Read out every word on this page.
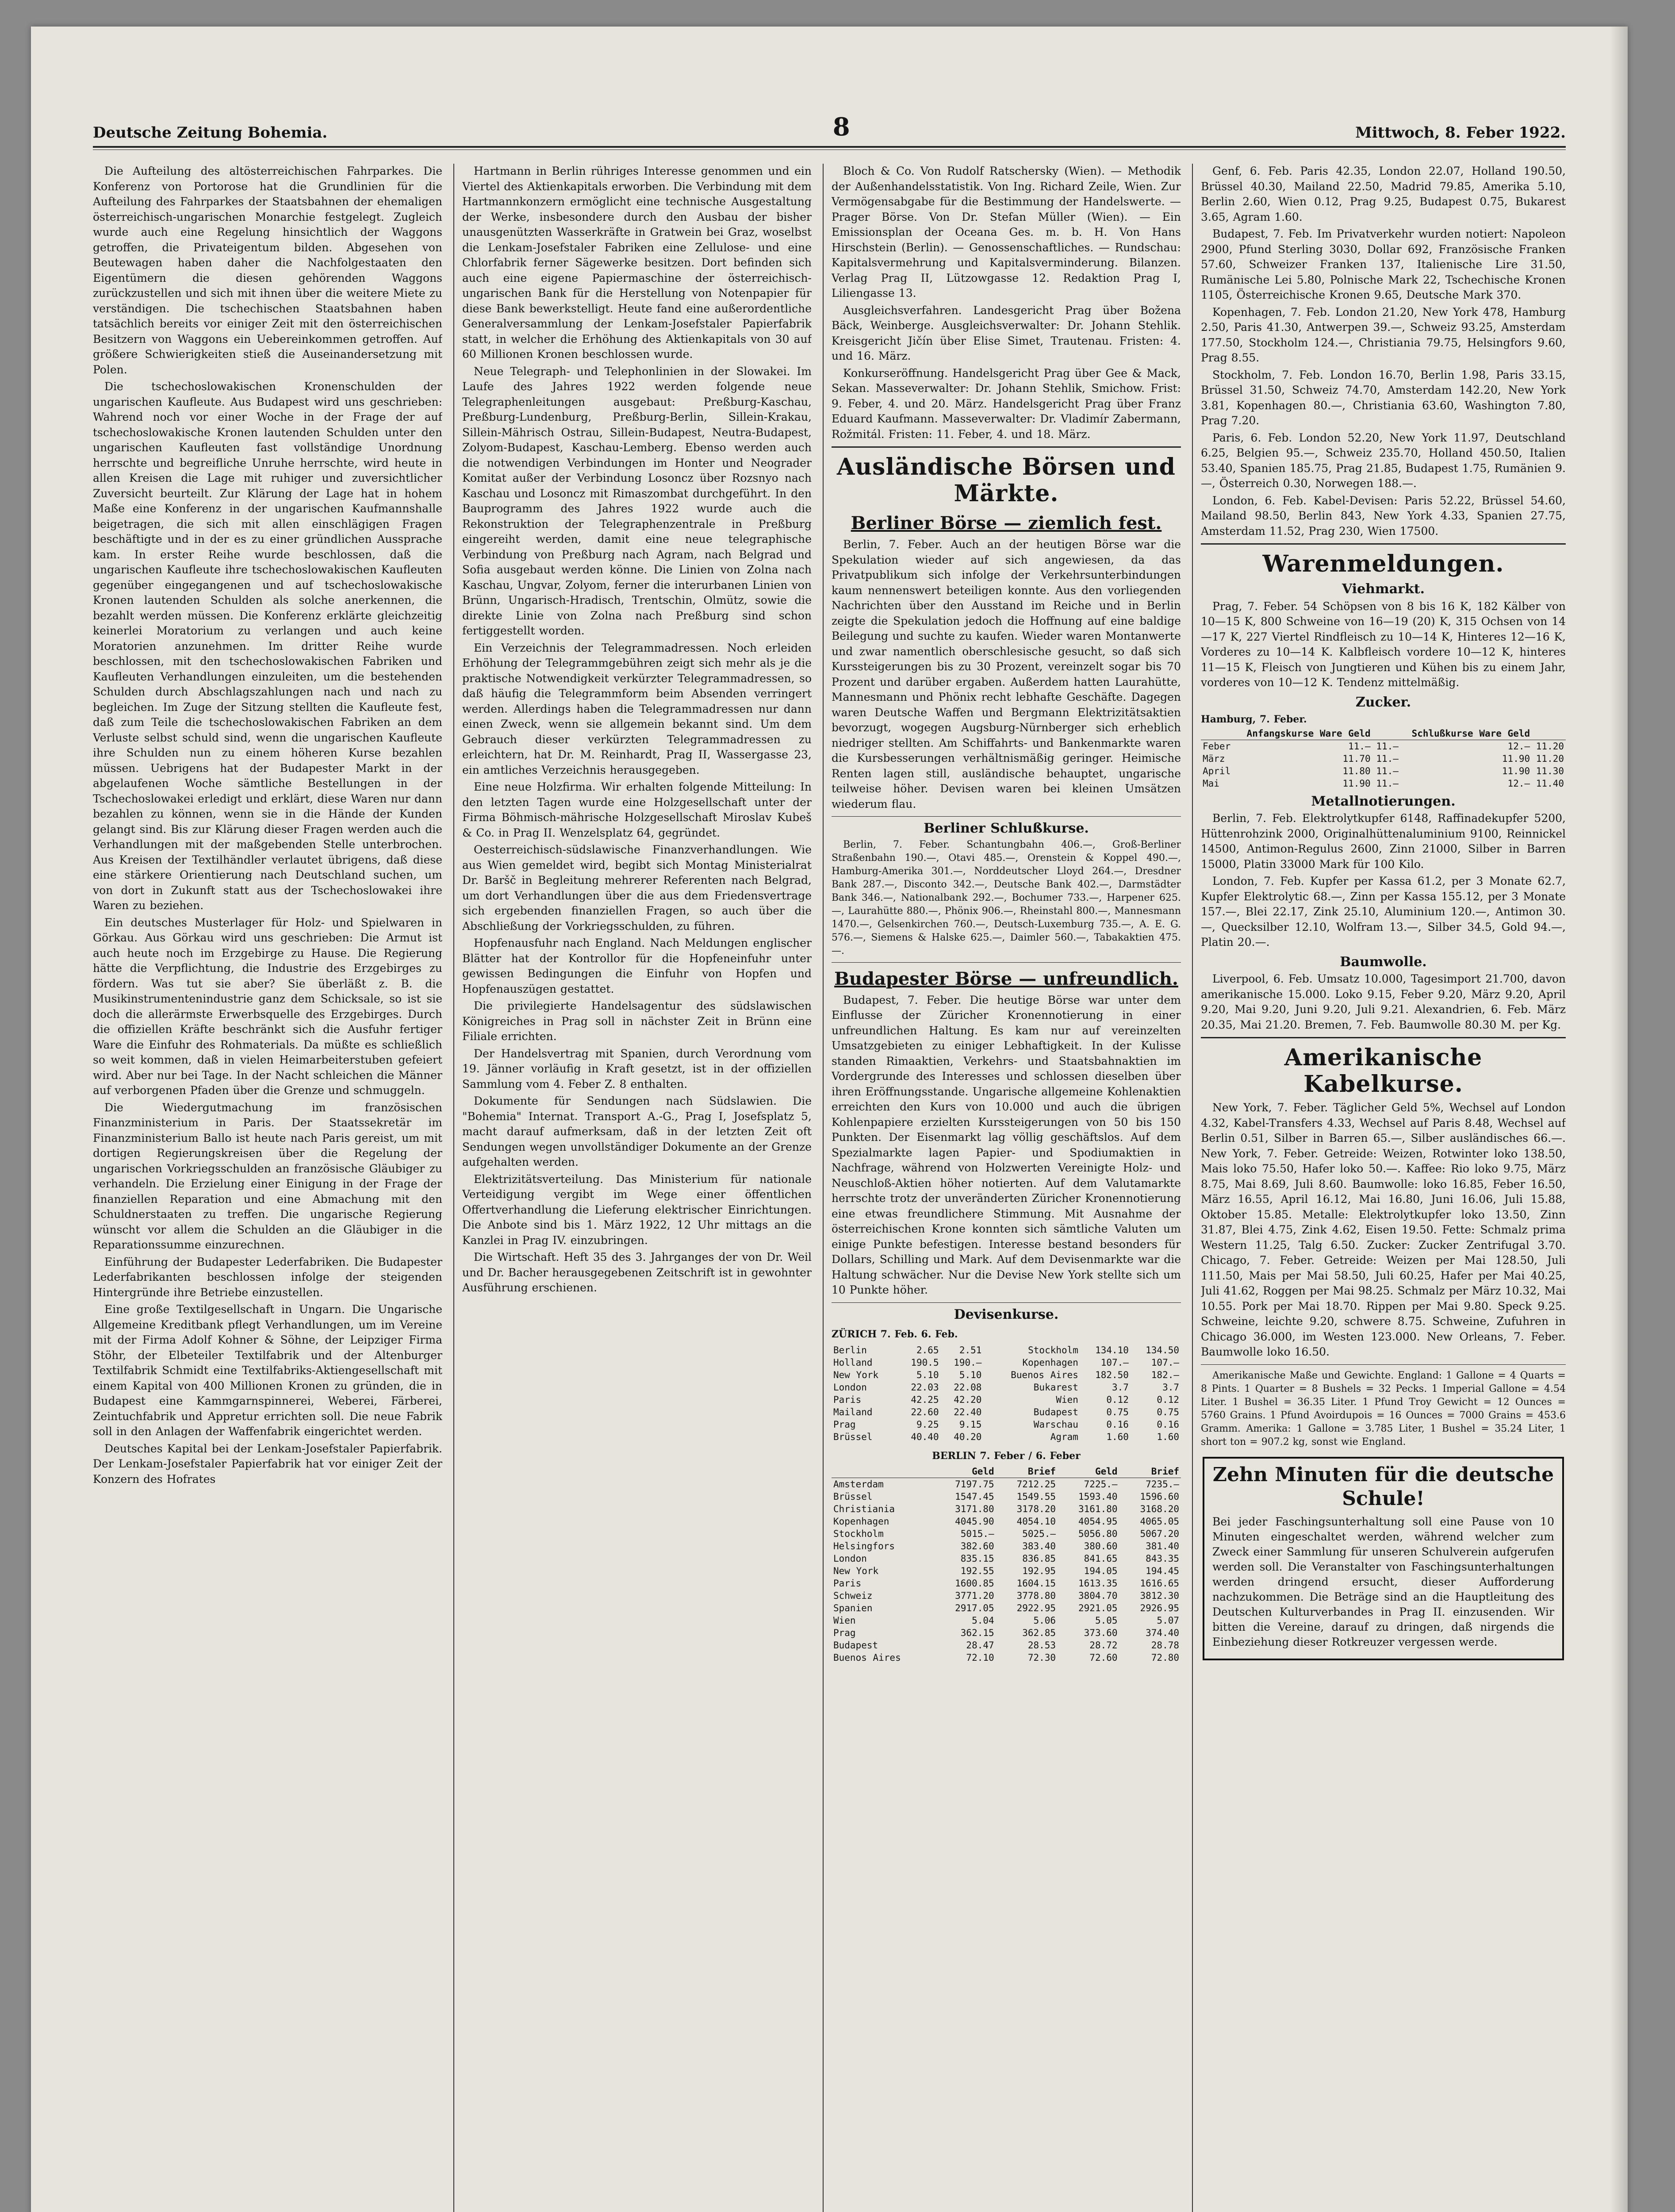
Deutsche Zeitung Bohemia.	8	Mittwoch, 8. Feber 1922.

Die Aufteilung des altösterreichischen Fahrparkes. Die Konferenz von Portorose hat die Grundlinien für die Aufteilung des Fahrparkes der Staatsbahnen der ehemaligen österreichisch-ungarischen Monarchie festgelegt. Zugleich wurde auch eine Regelung hinsichtlich der Waggons getroffen, die Privateigentum bilden. Abgesehen von Beutewagen haben daher die Nachfolgestaaten den Eigentümern die diesen gehörenden Waggons zurückzustellen und sich mit ihnen über die weitere Miete zu verständigen. Die tschechischen Staatsbahnen haben tatsächlich bereits vor einiger Zeit mit den österreichischen Besitzern von Waggons ein Uebereinkommen getroffen. Auf größere Schwierigkeiten stieß die Auseinandersetzung mit Polen.

Die tschechoslowakischen Kronenschulden der ungarischen Kaufleute. Aus Budapest wird uns geschrieben: Wahrend noch vor einer Woche in der Frage der auf tschechoslowakische Kronen lautenden Schulden unter den ungarischen Kaufleuten fast vollständige Unordnung herrschte und begreifliche Unruhe herrschte, wird heute in allen Kreisen die Lage mit ruhiger und zuversichtlicher Zuversicht beurteilt. Zur Klärung der Lage hat in hohem Maße eine Konferenz in der ungarischen Kaufmannshalle beigetragen, die sich mit allen einschlägigen Fragen beschäftigte und in der es zu einer gründlichen Aussprache kam. In erster Reihe wurde beschlossen, daß die ungarischen Kaufleute ihre tschechoslowakischen Kaufleuten gegenüber eingegangenen und auf tschechoslowakische Kronen lautenden Schulden als solche anerkennen, die bezahlt werden müssen. Die Konferenz erklärte gleichzeitig keinerlei Moratorium zu verlangen und auch keine Moratorien anzunehmen. Im dritter Reihe wurde beschlossen, mit den tschechoslowakischen Fabriken und Kaufleuten Verhandlungen einzuleiten, um die bestehenden Schulden durch Abschlagszahlungen nach und nach zu begleichen. Im Zuge der Sitzung stellten die Kaufleute fest, daß zum Teile die tschechoslowakischen Fabriken an dem Verluste selbst schuld sind, wenn die ungarischen Kaufleute ihre Schulden nun zu einem höheren Kurse bezahlen müssen. Uebrigens hat der Budapester Markt in der abgelaufenen Woche sämtliche Bestellungen in der Tschechoslowakei erledigt und erklärt, diese Waren nur dann bezahlen zu können, wenn sie in die Hände der Kunden gelangt sind. Bis zur Klärung dieser Fragen werden auch die Verhandlungen mit der maßgebenden Stelle unterbrochen. Aus Kreisen der Textilhändler verlautet übrigens, daß diese eine stärkere Orientierung nach Deutschland suchen, um von dort in Zukunft statt aus der Tschechoslowakei ihre Waren zu beziehen.

Ein deutsches Musterlager für Holz- und Spielwaren in Görkau. Aus Görkau wird uns geschrieben: Die Armut ist auch heute noch im Erzgebirge zu Hause. Die Regierung hätte die Verpflichtung, die Industrie des Erzgebirges zu fördern. Was tut sie aber? Sie überläßt z. B. die Musikinstrumentenindustrie ganz dem Schicksale, so ist sie doch die allerärmste Erwerbsquelle des Erzgebirges. Durch die offiziellen Kräfte beschränkt sich die Ausfuhr fertiger Ware die Einfuhr des Rohmaterials. Da müßte es schließlich so weit kommen, daß in vielen Heimarbeiterstuben gefeiert wird. Aber nur bei Tage. In der Nacht schleichen die Männer auf verborgenen Pfaden über die Grenze und schmuggeln.

Die Wiedergutmachung im französischen Finanzministerium in Paris. Der Staatssekretär im Finanzministerium Ballo ist heute nach Paris gereist, um mit dortigen Regierungskreisen über die Regelung der ungarischen Vorkriegsschulden an französische Gläubiger zu verhandeln. Die Erzielung einer Einigung in der Frage der finanziellen Reparation und eine Abmachung mit den Schuldnerstaaten zu treffen. Die ungarische Regierung wünscht vor allem die Schulden an die Gläubiger in die Reparationssumme einzurechnen.

Einführung der Budapester Lederfabriken. Die Budapester Lederfabrikanten beschlossen infolge der steigenden Hintergründe ihre Betriebe einzustellen.

Eine große Textilgesellschaft in Ungarn. Die Ungarische Allgemeine Kreditbank pflegt Verhandlungen, um im Vereine mit der Firma Adolf Kohner & Söhne, der Leipziger Firma Stöhr, der Elbeteiler Textilfabrik und der Altenburger Textilfabrik Schmidt eine Textilfabriks-Aktiengesellschaft mit einem Kapital von 400 Millionen Kronen zu gründen, die in Budapest eine Kammgarnspinnerei, Weberei, Färberei, Zeintuchfabrik und Appretur errichten soll. Die neue Fabrik soll in den Anlagen der Waffenfabrik eingerichtet werden.

Deutsches Kapital bei der Lenkam-Josefstaler Papierfabrik. Der Lenkam-Josefstaler Papierfabrik hat vor einiger Zeit der Konzern des Hofrates

Hartmann in Berlin rühriges Interesse genommen und ein Viertel des Aktienkapitals erworben. Die Verbindung mit dem Hartmannkonzern ermöglicht eine technische Ausgestaltung der Werke, insbesondere durch den Ausbau der bisher unausgenützten Wasserkräfte in Gratwein bei Graz, woselbst die Lenkam-Josefstaler Fabriken eine Zellulose- und eine Chlorfabrik ferner Sägewerke besitzen. Dort befinden sich auch eine eigene Papiermaschine der österreichisch-ungarischen Bank für die Herstellung von Notenpapier für diese Bank bewerkstelligt. Heute fand eine außerordentliche Generalversammlung der Lenkam-Josefstaler Papierfabrik statt, in welcher die Erhöhung des Aktienkapitals von 30 auf 60 Millionen Kronen beschlossen wurde.

Neue Telegraph- und Telephonlinien in der Slowakei. Im Laufe des Jahres 1922 werden folgende neue Telegraphenleitungen ausgebaut: Preßburg-Kaschau, Preßburg-Lundenburg, Preßburg-Berlin, Sillein-Krakau, Sillein-Mährisch Ostrau, Sillein-Budapest, Neutra-Budapest, Zolyom-Budapest, Kaschau-Lemberg. Ebenso werden auch die notwendigen Verbindungen im Honter und Neograder Komitat außer der Verbindung Losoncz über Rozsnyo nach Kaschau und Losoncz mit Rimaszombat durchgeführt. In den Bauprogramm des Jahres 1922 wurde auch die Rekonstruktion der Telegraphenzentrale in Preßburg eingereiht werden, damit eine neue telegraphische Verbindung von Preßburg nach Agram, nach Belgrad und Sofia ausgebaut werden könne. Die Linien von Zolna nach Kaschau, Ungvar, Zolyom, ferner die interurbanen Linien von Brünn, Ungarisch-Hradisch, Trentschin, Olmütz, sowie die direkte Linie von Zolna nach Preßburg sind schon fertiggestellt worden.

Ein Verzeichnis der Telegrammadressen. Noch erleiden Erhöhung der Telegrammgebühren zeigt sich mehr als je die praktische Notwendigkeit verkürzter Telegrammadressen, so daß häufig die Telegrammform beim Absenden verringert werden. Allerdings haben die Telegrammadressen nur dann einen Zweck, wenn sie allgemein bekannt sind. Um dem Gebrauch dieser verkürzten Telegrammadressen zu erleichtern, hat Dr. M. Reinhardt, Prag II, Wassergasse 23, ein amtliches Verzeichnis herausgegeben.

Eine neue Holzfirma. Wir erhalten folgende Mitteilung: In den letzten Tagen wurde eine Holzgesellschaft unter der Firma Böhmisch-mährische Holzgesellschaft Miroslav Kubeš & Co. in Prag II. Wenzelsplatz 64, gegründet.

Oesterreichisch-südslawische Finanzverhandlungen. Wie aus Wien gemeldet wird, begibt sich Montag Ministerialrat Dr. Baršč in Begleitung mehrerer Referenten nach Belgrad, um dort Verhandlungen über die aus dem Friedensvertrage sich ergebenden finanziellen Fragen, so auch über die Abschließung der Vorkriegsschulden, zu führen.

Hopfenausfuhr nach England. Nach Meldungen englischer Blätter hat der Kontrollor für die Hopfeneinfuhr unter gewissen Bedingungen die Einfuhr von Hopfen und Hopfenauszügen gestattet.

Die privilegierte Handelsagentur des südslawischen Königreiches in Prag soll in nächster Zeit in Brünn eine Filiale errichten.

Der Handelsvertrag mit Spanien, durch Verordnung vom 19. Jänner vorläufig in Kraft gesetzt, ist in der offiziellen Sammlung vom 4. Feber Z. 8 enthalten.

Dokumente für Sendungen nach Südslawien. Die "Bohemia" Internat. Transport A.-G., Prag I, Josefsplatz 5, macht darauf aufmerksam, daß in der letzten Zeit oft Sendungen wegen unvollständiger Dokumente an der Grenze aufgehalten werden.

Elektrizitätsverteilung. Das Ministerium für nationale Verteidigung vergibt im Wege einer öffentlichen Offertverhandlung die Lieferung elektrischer Einrichtungen. Die Anbote sind bis 1. März 1922, 12 Uhr mittags an die Kanzlei in Prag IV. einzubringen.

Die Wirtschaft. Heft 35 des 3. Jahrganges der von Dr. Weil und Dr. Bacher herausgegebenen Zeitschrift ist in gewohnter Ausführung erschienen.

Bloch & Co. Von Rudolf Ratschersky (Wien). — Methodik der Außenhandelsstatistik. Von Ing. Richard Zeile, Wien. Zur Vermögensabgabe für die Bestimmung der Handelswerte. — Prager Börse. Von Dr. Stefan Müller (Wien). — Ein Emissionsplan der Oceana Ges. m. b. H. Von Hans Hirschstein (Berlin). — Genossenschaftliches. — Rundschau: Kapitalsvermehrung und Kapitalsverminderung. Bilanzen. Verlag Prag II, Lützowgasse 12. Redaktion Prag I, Liliengasse 13.

Ausgleichsverfahren. Landesgericht Prag über Božena Bäck, Weinberge. Ausgleichsverwalter: Dr. Johann Stehlik. Kreisgericht Jičín über Elise Simet, Trautenau. Fristen: 4. und 16. März.

Konkurseröffnung. Handelsgericht Prag über Gee & Mack, Sekan. Masseverwalter: Dr. Johann Stehlik, Smichow. Frist: 9. Feber, 4. und 20. März. Handelsgericht Prag über Franz Eduard Kaufmann. Masseverwalter: Dr. Vladimír Zabermann, Rožmitál. Fristen: 11. Feber, 4. und 18. März.

Ausländische Börsen und Märkte.
Berliner Börse — ziemlich fest.

Berlin, 7. Feber. Auch an der heutigen Börse war die Spekulation wieder auf sich angewiesen, da das Privatpublikum sich infolge der Verkehrsunterbindungen kaum nennenswert beteiligen konnte. Aus den vorliegenden Nachrichten über den Ausstand im Reiche und in Berlin zeigte die Spekulation jedoch die Hoffnung auf eine baldige Beilegung und suchte zu kaufen. Wieder waren Montanwerte und zwar namentlich oberschlesische gesucht, so daß sich Kurssteigerungen bis zu 30 Prozent, vereinzelt sogar bis 70 Prozent und darüber ergaben. Außerdem hatten Laurahütte, Mannesmann und Phönix recht lebhafte Geschäfte. Dagegen waren Deutsche Waffen und Bergmann Elektrizitätsaktien bevorzugt, wogegen Augsburg-Nürnberger sich erheblich niedriger stellten. Am Schiffahrts- und Bankenmarkte waren die Kursbesserungen verhältnismäßig geringer. Heimische Renten lagen still, ausländische behauptet, ungarische teilweise höher. Devisen waren bei kleinen Umsätzen wiederum flau.

Berliner Schlußkurse.

Berlin, 7. Feber. Schantungbahn 406.—, Groß-Berliner Straßenbahn 190.—, Otavi 485.—, Orenstein & Koppel 490.—, Hamburg-Amerika 301.—, Norddeutscher Lloyd 264.—, Dresdner Bank 287.—, Disconto 342.—, Deutsche Bank 402.—, Darmstädter Bank 346.—, Nationalbank 292.—, Bochumer 733.—, Harpener 625.—, Laurahütte 880.—, Phönix 906.—, Rheinstahl 800.—, Mannesmann 1470.—, Gelsenkirchen 760.—, Deutsch-Luxemburg 735.—, A. E. G. 576.—, Siemens & Halske 625.—, Daimler 560.—, Tabakaktien 475.—.

Budapester Börse — unfreundlich.

Budapest, 7. Feber. Die heutige Börse war unter dem Einflusse der Züricher Kronennotierung in einer unfreundlichen Haltung. Es kam nur auf vereinzelten Umsatzgebieten zu einiger Lebhaftigkeit. In der Kulisse standen Rimaaktien, Verkehrs- und Staatsbahnaktien im Vordergrunde des Interesses und schlossen dieselben über ihren Eröffnungsstande. Ungarische allgemeine Kohlenaktien erreichten den Kurs von 10.000 und auch die übrigen Kohlenpapiere erzielten Kurssteigerungen von 50 bis 150 Punkten. Der Eisenmarkt lag völlig geschäftslos. Auf dem Spezialmarkte lagen Papier- und Spodiumaktien in Nachfrage, während von Holzwerten Vereinigte Holz- und Neuschloß-Aktien höher notierten. Auf dem Valutamarkte herrschte trotz der unveränderten Züricher Kronennotierung eine etwas freundlichere Stimmung. Mit Ausnahme der österreichischen Krone konnten sich sämtliche Valuten um einige Punkte befestigen. Interesse bestand besonders für Dollars, Schilling und Mark. Auf dem Devisenmarkte war die Haltung schwächer. Nur die Devise New York stellte sich um 10 Punkte höher.

Devisenkurse.
ZÜRICH 7. Feb. 6. Feb.
Berlin	2.65	2.51	Stockholm	134.10	134.50
Holland	190.5	190.—	Kopenhagen	107.—	107.—
New York	5.10	5.10	Buenos Aires	182.50	182.—
London	22.03	22.08	Bukarest	3.7	3.7
Paris	42.25	42.20	Wien	0.12	0.12
Mailand	22.60	22.40	Budapest	0.75	0.75
Prag	9.25	9.15	Warschau	0.16	0.16
Brüssel	40.40	40.20	Agram	1.60	1.60
BERLIN 7. Feber / 6. Feber
	Geld	Brief	Geld	Brief
Amsterdam	7197.75	7212.25	7225.—	7235.—
Brüssel	1547.45	1549.55	1593.40	1596.60
Christiania	3171.80	3178.20	3161.80	3168.20
Kopenhagen	4045.90	4054.10	4054.95	4065.05
Stockholm	5015.—	5025.—	5056.80	5067.20
Helsingfors	382.60	383.40	380.60	381.40
London	835.15	836.85	841.65	843.35
New York	192.55	192.95	194.05	194.45
Paris	1600.85	1604.15	1613.35	1616.65
Schweiz	3771.20	3778.80	3804.70	3812.30
Spanien	2917.05	2922.95	2921.05	2926.95
Wien	5.04	5.06	5.05	5.07
Prag	362.15	362.85	373.60	374.40
Budapest	28.47	28.53	28.72	28.78
Buenos Aires	72.10	72.30	72.60	72.80

Genf, 6. Feb. Paris 42.35, London 22.07, Holland 190.50, Brüssel 40.30, Mailand 22.50, Madrid 79.85, Amerika 5.10, Berlin 2.60, Wien 0.12, Prag 9.25, Budapest 0.75, Bukarest 3.65, Agram 1.60.

Budapest, 7. Feb. Im Privatverkehr wurden notiert: Napoleon 2900, Pfund Sterling 3030, Dollar 692, Französische Franken 57.60, Schweizer Franken 137, Italienische Lire 31.50, Rumänische Lei 5.80, Polnische Mark 22, Tschechische Kronen 1105, Österreichische Kronen 9.65, Deutsche Mark 370.

Kopenhagen, 7. Feb. London 21.20, New York 478, Hamburg 2.50, Paris 41.30, Antwerpen 39.—, Schweiz 93.25, Amsterdam 177.50, Stockholm 124.—, Christiania 79.75, Helsingfors 9.60, Prag 8.55.

Stockholm, 7. Feb. London 16.70, Berlin 1.98, Paris 33.15, Brüssel 31.50, Schweiz 74.70, Amsterdam 142.20, New York 3.81, Kopenhagen 80.—, Christiania 63.60, Washington 7.80, Prag 7.20.

Paris, 6. Feb. London 52.20, New York 11.97, Deutschland 6.25, Belgien 95.—, Schweiz 235.70, Holland 450.50, Italien 53.40, Spanien 185.75, Prag 21.85, Budapest 1.75, Rumänien 9.—, Österreich 0.30, Norwegen 188.—.

London, 6. Feb. Kabel-Devisen: Paris 52.22, Brüssel 54.60, Mailand 98.50, Berlin 843, New York 4.33, Spanien 27.75, Amsterdam 11.52, Prag 230, Wien 17500.

Warenmeldungen.
Viehmarkt.

Prag, 7. Feber. 54 Schöpsen von 8 bis 16 K, 182 Kälber von 10—15 K, 800 Schweine von 16—19 (20) K, 315 Ochsen von 14—17 K, 227 Viertel Rindfleisch zu 10—14 K, Hinteres 12—16 K, Vorderes zu 10—14 K. Kalbfleisch vordere 10—12 K, hinteres 11—15 K, Fleisch von Jungtieren und Kühen bis zu einem Jahr, vorderes von 10—12 K. Tendenz mittelmäßig.

Zucker.
Hamburg, 7. Feber.
	Anfangskurse Ware Geld		Schlußkurse Ware Geld	
Feber	11.—	11.—	12.—	11.20
März	11.70	11.—	11.90	11.20
April	11.80	11.—	11.90	11.30
Mai	11.90	11.—	12.—	11.40
Metallnotierungen.

Berlin, 7. Feb. Elektrolytkupfer 6148, Raffinadekupfer 5200, Hüttenrohzink 2000, Originalhüttenaluminium 9100, Reinnickel 14500, Antimon-Regulus 2600, Zinn 21000, Silber in Barren 15000, Platin 33000 Mark für 100 Kilo.

London, 7. Feb. Kupfer per Kassa 61.2, per 3 Monate 62.7, Kupfer Elektrolytic 68.—, Zinn per Kassa 155.12, per 3 Monate 157.—, Blei 22.17, Zink 25.10, Aluminium 120.—, Antimon 30.—, Quecksilber 12.10, Wolfram 13.—, Silber 34.5, Gold 94.—, Platin 20.—.

Baumwolle.

Liverpool, 6. Feb. Umsatz 10.000, Tagesimport 21.700, davon amerikanische 15.000. Loko 9.15, Feber 9.20, März 9.20, April 9.20, Mai 9.20, Juni 9.20, Juli 9.21. Alexandrien, 6. Feb. März 20.35, Mai 21.20. Bremen, 7. Feb. Baumwolle 80.30 M. per Kg.

Amerikanische Kabelkurse.

New York, 7. Feber. Täglicher Geld 5%, Wechsel auf London 4.32, Kabel-Transfers 4.33, Wechsel auf Paris 8.48, Wechsel auf Berlin 0.51, Silber in Barren 65.—, Silber ausländisches 66.—. New York, 7. Feber. Getreide: Weizen, Rotwinter loko 138.50, Mais loko 75.50, Hafer loko 50.—. Kaffee: Rio loko 9.75, März 8.75, Mai 8.69, Juli 8.60. Baumwolle: loko 16.85, Feber 16.50, März 16.55, April 16.12, Mai 16.80, Juni 16.06, Juli 15.88, Oktober 15.85. Metalle: Elektrolytkupfer loko 13.50, Zinn 31.87, Blei 4.75, Zink 4.62, Eisen 19.50. Fette: Schmalz prima Western 11.25, Talg 6.50. Zucker: Zucker Zentrifugal 3.70. Chicago, 7. Feber. Getreide: Weizen per Mai 128.50, Juli 111.50, Mais per Mai 58.50, Juli 60.25, Hafer per Mai 40.25, Juli 41.62, Roggen per Mai 98.25. Schmalz per März 10.32, Mai 10.55. Pork per Mai 18.70. Rippen per Mai 9.80. Speck 9.25. Schweine, leichte 9.20, schwere 8.75. Schweine, Zufuhren in Chicago 36.000, im Westen 123.000. New Orleans, 7. Feber. Baumwolle loko 16.50.

Amerikanische Maße und Gewichte. England: 1 Gallone = 4 Quarts = 8 Pints. 1 Quarter = 8 Bushels = 32 Pecks. 1 Imperial Gallone = 4.54 Liter. 1 Bushel = 36.35 Liter. 1 Pfund Troy Gewicht = 12 Ounces = 5760 Grains. 1 Pfund Avoirdupois = 16 Ounces = 7000 Grains = 453.6 Gramm. Amerika: 1 Gallone = 3.785 Liter, 1 Bushel = 35.24 Liter, 1 short ton = 907.2 kg, sonst wie England.

Zehn Minuten für die deutsche Schule!

Bei jeder Faschingsunterhaltung soll eine Pause von 10 Minuten eingeschaltet werden, während welcher zum Zweck einer Sammlung für unseren Schulverein aufgerufen werden soll. Die Veranstalter von Faschingsunterhaltungen werden dringend ersucht, dieser Aufforderung nachzukommen. Die Beträge sind an die Hauptleitung des Deutschen Kulturverbandes in Prag II. einzusenden. Wir bitten die Vereine, darauf zu dringen, daß nirgends die Einbeziehung dieser Rotkreuzer vergessen werde.
